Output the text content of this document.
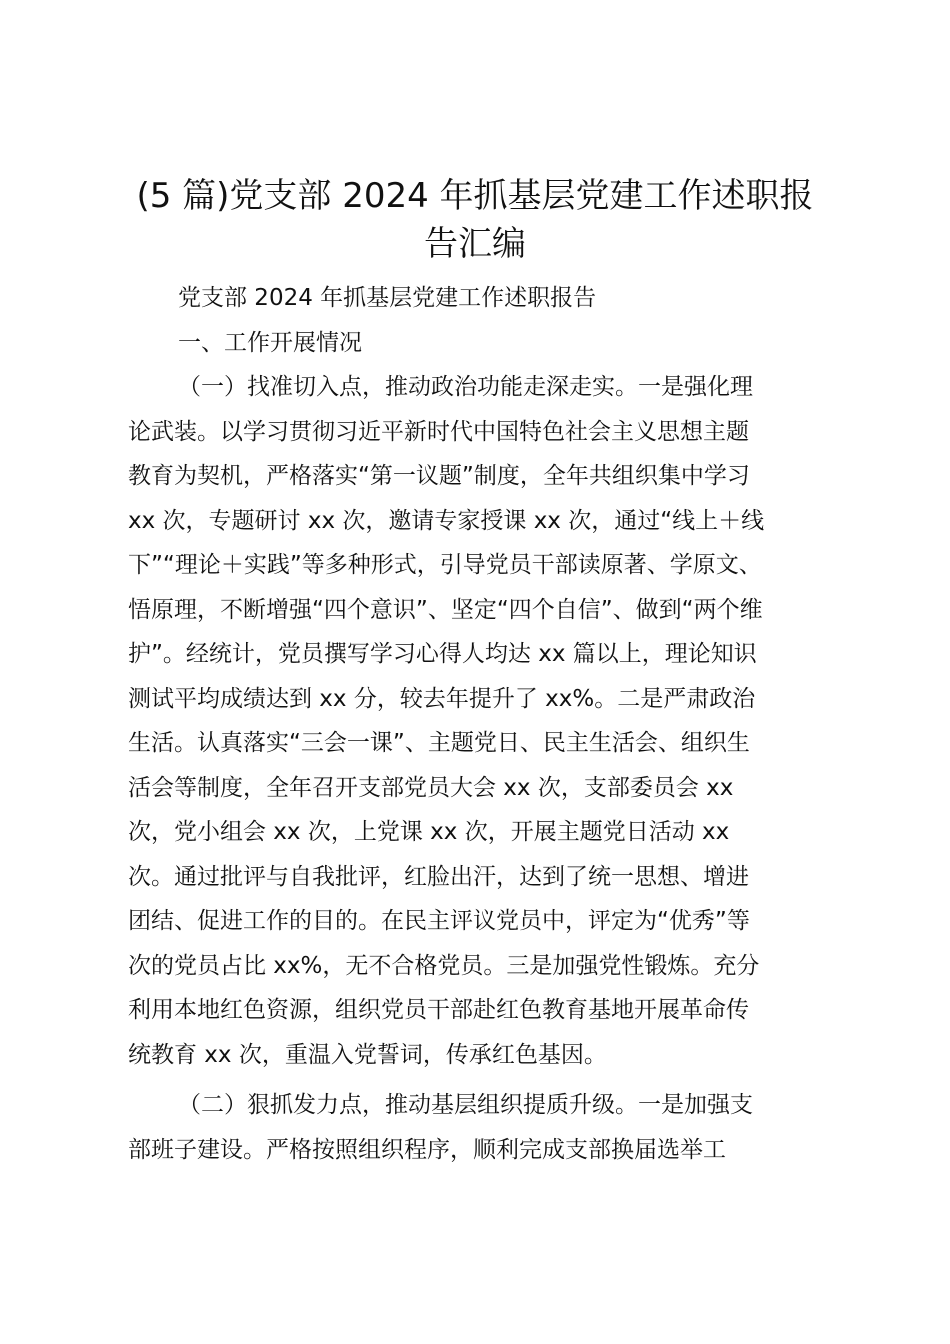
(5 篇)党支部 2024 年抓基层党建工作述职报
告汇编
党支部 2024 年抓基层党建工作述职报告
一、工作开展情况
（一）找准切入点，推动政治功能走深走实。一是强化理
论武装。以学习贯彻习近平新时代中国特色社会主义思想主题
教育为契机，严格落实“第一议题”制度，全年共组织集中学习
xx 次，专题研讨 xx 次，邀请专家授课 xx 次，通过“线上＋线
下”“理论＋实践”等多种形式，引导党员干部读原著、学原文、
悟原理，不断增强“四个意识”、坚定“四个自信”、做到“两个维
护”。经统计，党员撰写学习心得人均达 xx 篇以上，理论知识
测试平均成绩达到 xx 分，较去年提升了 xx%。二是严肃政治
生活。认真落实“三会一课”、主题党日、民主生活会、组织生
活会等制度，全年召开支部党员大会 xx 次，支部委员会 xx
次，党小组会 xx 次，上党课 xx 次，开展主题党日活动 xx
次。通过批评与自我批评，红脸出汗，达到了统一思想、增进
团结、促进工作的目的。在民主评议党员中，评定为“优秀”等
次的党员占比 xx%，无不合格党员。三是加强党性锻炼。充分
利用本地红色资源，组织党员干部赴红色教育基地开展革命传
统教育 xx 次，重温入党誓词，传承红色基因。
（二）狠抓发力点，推动基层组织提质升级。一是加强支
部班子建设。严格按照组织程序，顺利完成支部换届选举工
